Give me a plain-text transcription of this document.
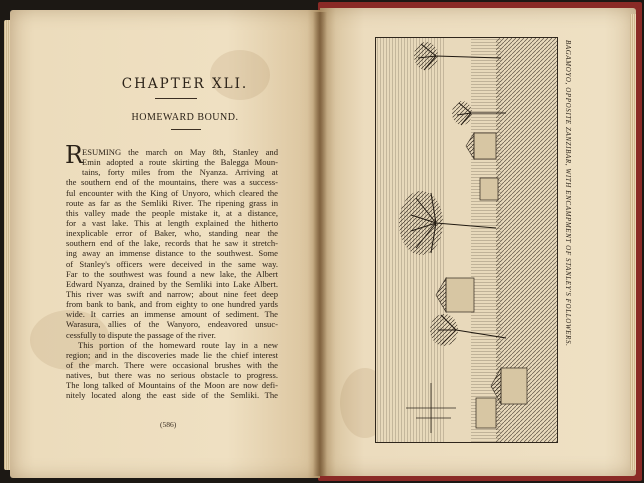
CHAPTER XLI.
HOMEWARD BOUND.
R
ESUMING the march on May 8th, Stanley and
Emin adopted a route skirting the Balegga Moun-
tains, forty miles from the Nyanza. Arriving at
the southern end of the mountains, there was a success-
ful encounter with the King of Unyoro, which cleared the
route as far as the Semliki River. The ripening grass in
this valley made the people mistake it, at a distance,
for a vast lake. This at length explained the hitherto
inexplicable error of Baker, who, standing near the
southern end of the lake, records that he saw it stretch-
ing away an immense distance to the southwest. Some
of Stanley's officers were deceived in the same way.
Far to the southwest was found a new lake, the Albert
Edward Nyanza, drained by the Semliki into Lake Albert.
This river was swift and narrow; about nine feet deep
from bank to bank, and from eighty to one hundred yards
wide. It carries an immense amount of sediment. The
Warasura, allies of the Wanyoro, endeavored unsuc-
cessfully to dispute the passage of the river.
This portion of the homeward route lay in a new
region; and in the discoveries made lie the chief interest
of the march. There were occasional brushes with the
natives, but there was no serious obstacle to progress.
The long talked of Mountains of the Moon are now defi-
nitely located along the east side of the Semliki. The
(586)
BAGAMOYO, OPPOSITE ZANZIBAR, WITH ENCAMPMENT OF STANLEY'S FOLLOWERS.
